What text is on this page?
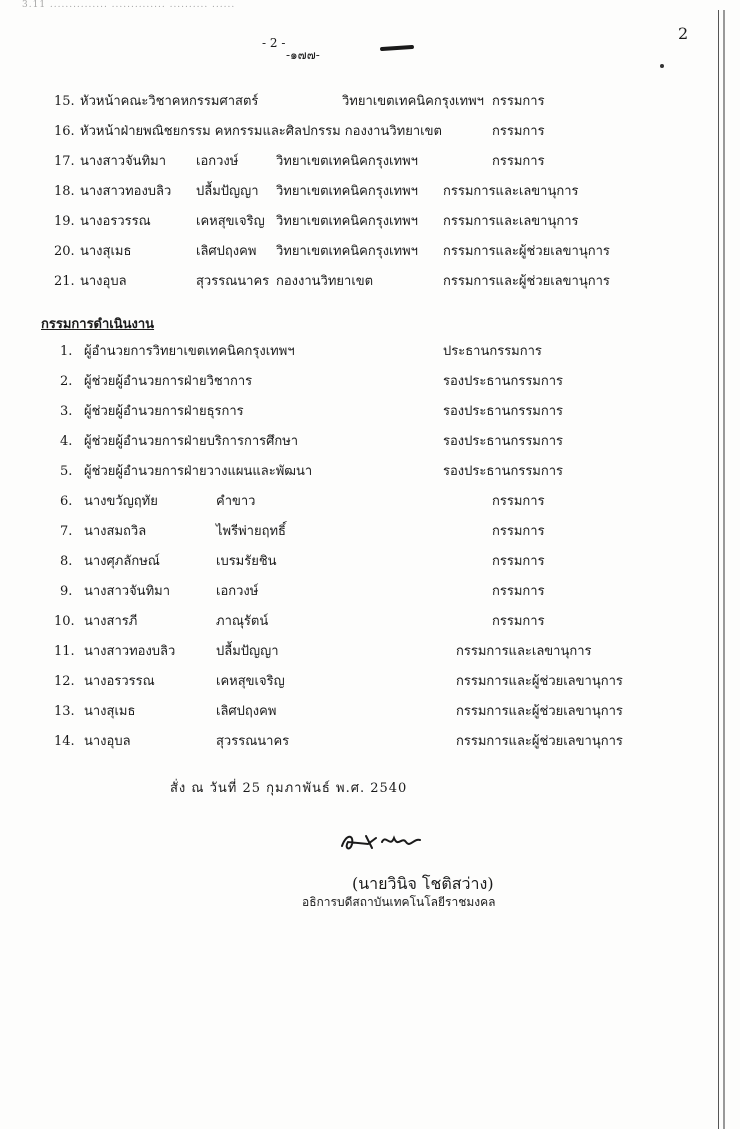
3.11 ............... .............. .......... ......
- 2 -
-๑๗๗-
2
15. หัวหน้าคณะวิชาคหกรรมศาสตร์	วิทยาเขตเทคนิคกรุงเทพฯ กรรมการ
16. หัวหน้าฝ่ายพณิชยกรรม คหกรรมและศิลปกรรม กองงานวิทยาเขต	กรรมการ
17. นางสาวจันทิมา เอกวงษ์	วิทยาเขตเทคนิคกรุงเทพฯ	กรรมการ
18. นางสาวทองบลิว ปลื้มปัญญา วิทยาเขตเทคนิคกรุงเทพฯ กรรมการและเลขานุการ
19. นางอรวรรณ	เคหสุขเจริญ วิทยาเขตเทคนิคกรุงเทพฯ กรรมการและเลขานุการ
20. นางสุเมธ	เลิศปฤงคพ วิทยาเขตเทคนิคกรุงเทพฯ กรรมการและผู้ช่วยเลขานุการ
21. นางอุบล	สุวรรณนาคร กองงานวิทยาเขต	กรรมการและผู้ช่วยเลขานุการ
กรรมการดำเนินงาน
1. ผู้อำนวยการวิทยาเขตเทคนิคกรุงเทพฯ	ประธานกรรมการ
2. ผู้ช่วยผู้อำนวยการฝ่ายวิชาการ	รองประธานกรรมการ
3. ผู้ช่วยผู้อำนวยการฝ่ายธุรการ	รองประธานกรรมการ
4. ผู้ช่วยผู้อำนวยการฝ่ายบริการการศึกษา	รองประธานกรรมการ
5. ผู้ช่วยผู้อำนวยการฝ่ายวางแผนและพัฒนา	รองประธานกรรมการ
6. นางขวัญฤทัย	คำขาว	กรรมการ
7. นางสมถวิล	ไพรีพ่ายฤทธิ์	กรรมการ
8. นางศุภลักษณ์	เบรมรัยชิน	กรรมการ
9. นางสาวจันทิมา	เอกวงษ์	กรรมการ
10. นางสารภี	ภาณุรัตน์	กรรมการ
11. นางสาวทองบลิว	ปลื้มปัญญา	กรรมการและเลขานุการ
12. นางอรวรรณ	เคหสุขเจริญ	กรรมการและผู้ช่วยเลขานุการ
13. นางสุเมธ	เลิศปฤงคพ	กรรมการและผู้ช่วยเลขานุการ
14. นางอุบล	สุวรรณนาคร	กรรมการและผู้ช่วยเลขานุการ
สั่ง ณ วันที่ 25 กุมภาพันธ์ พ.ศ. 2540
(นายวินิจ โชติสว่าง)
อธิการบดีสถาบันเทคโนโลยีราชมงคล
